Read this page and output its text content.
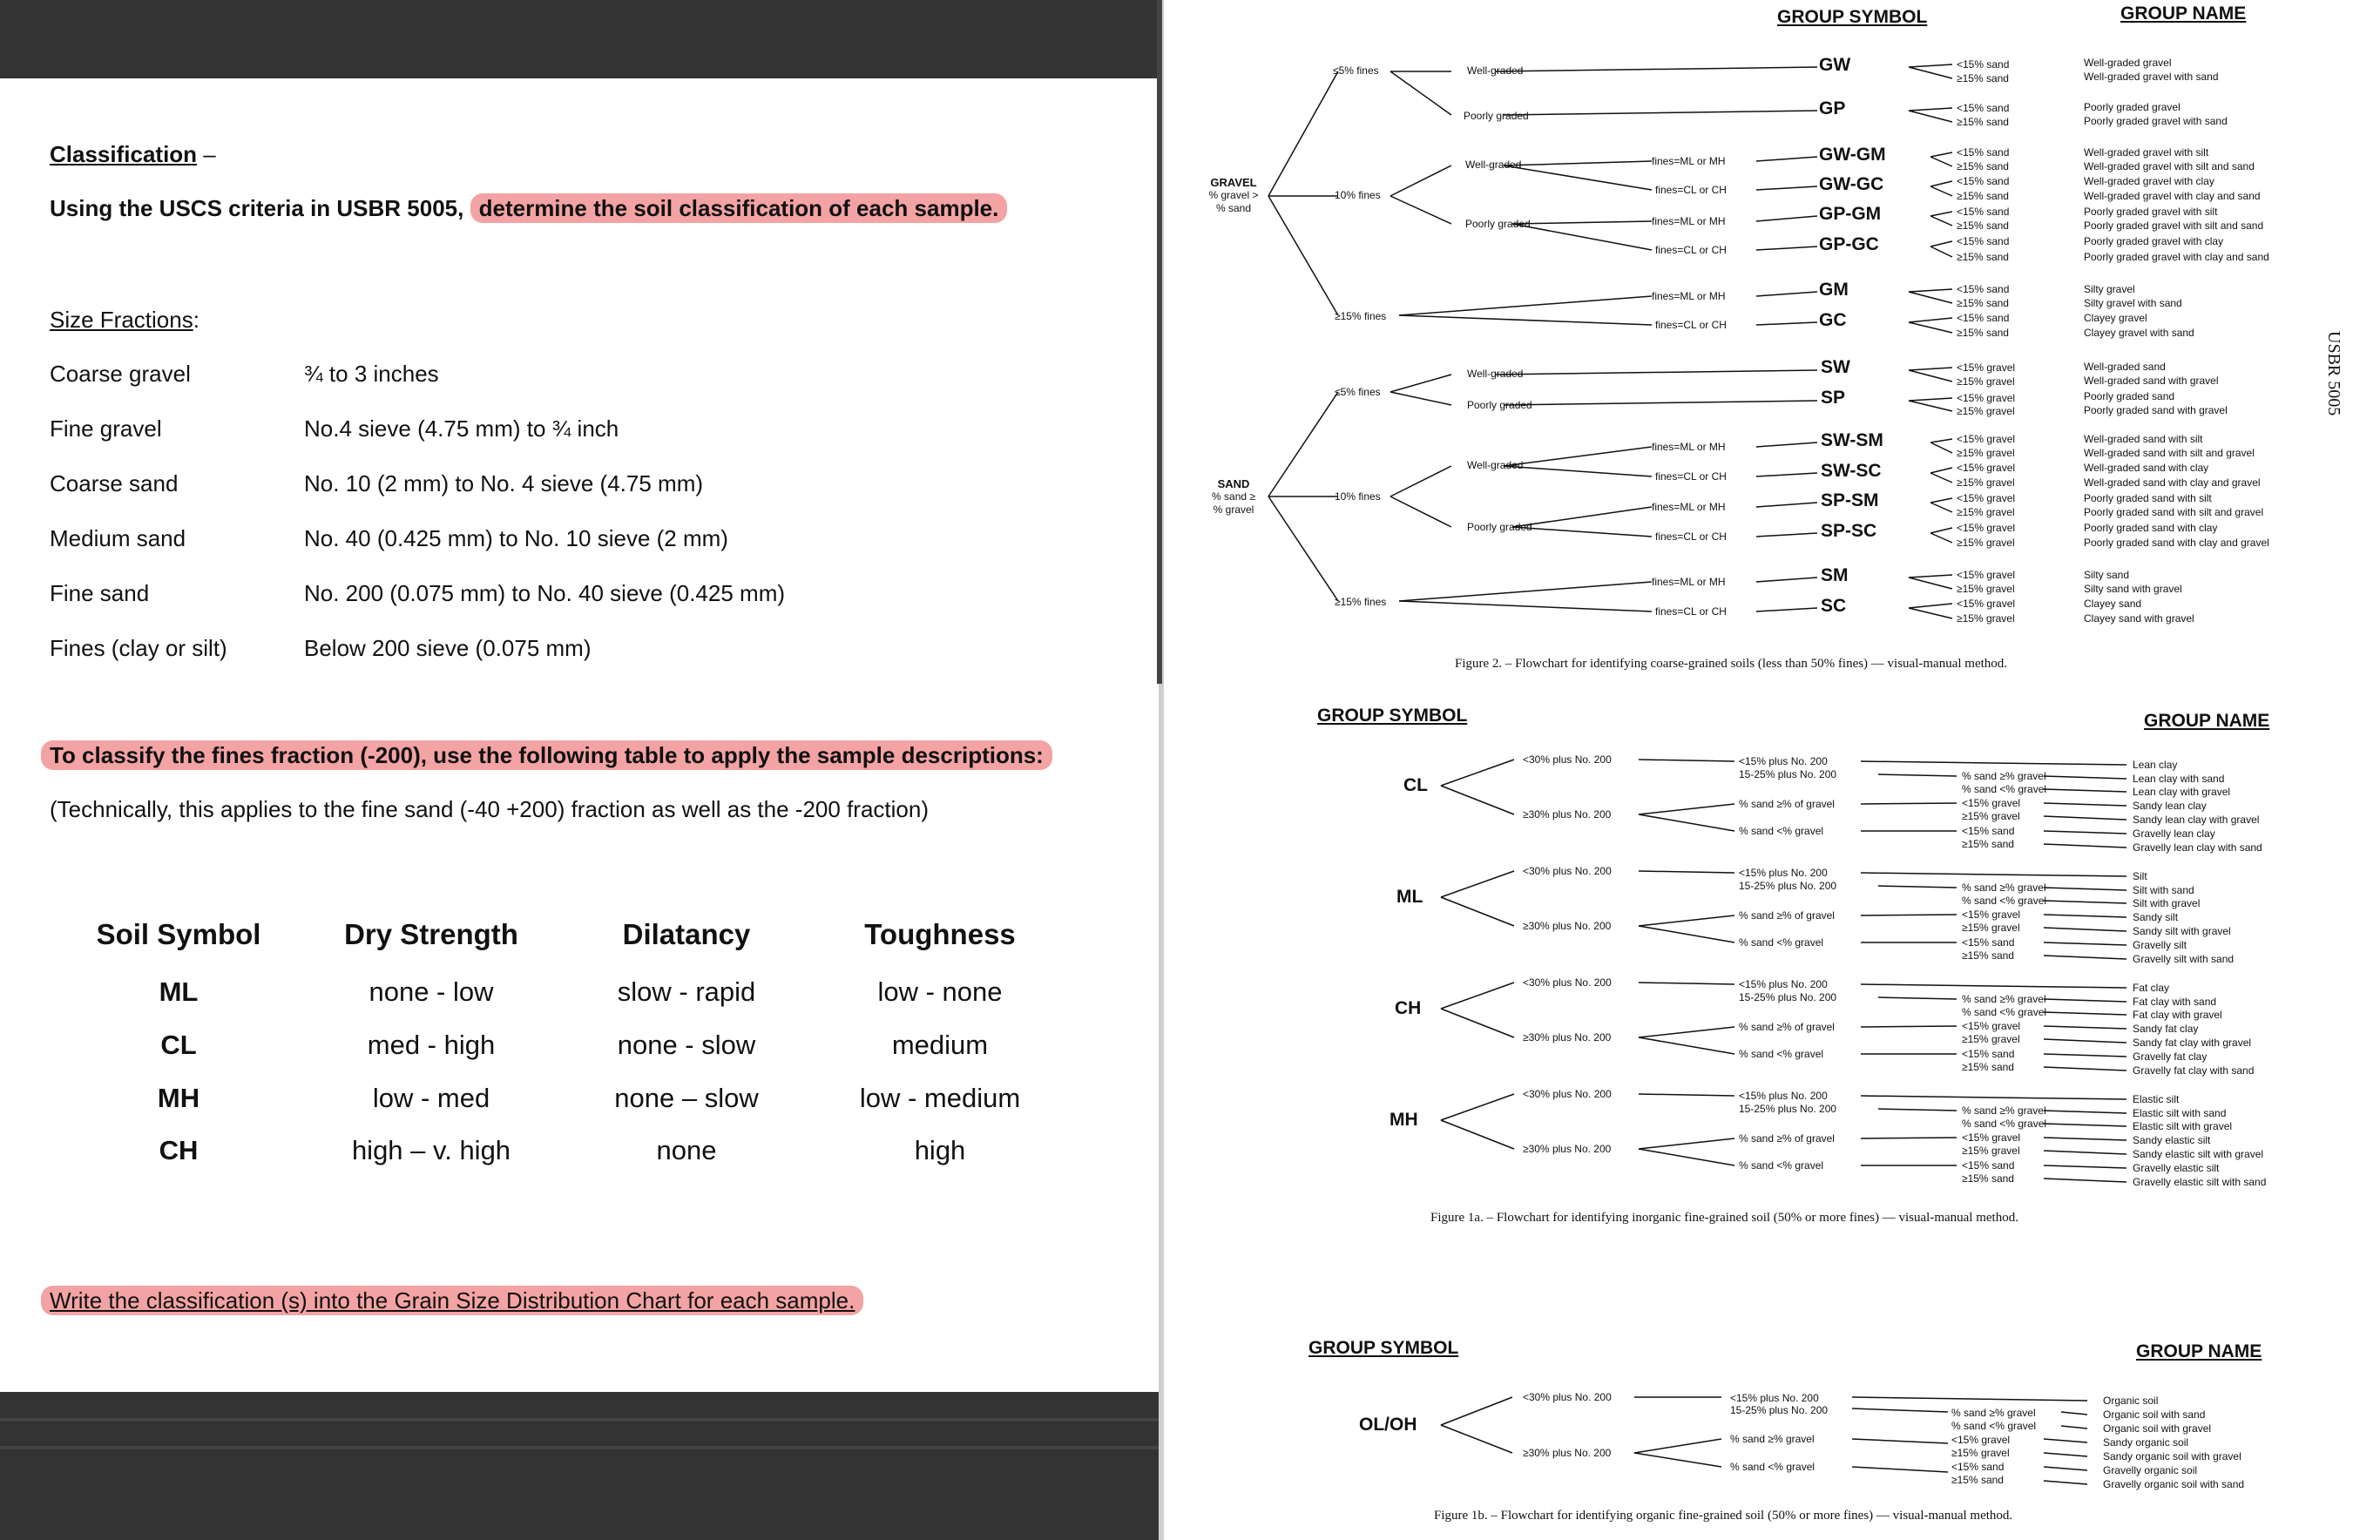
Classification –
Using the USCS criteria in USBR 5005, determine the soil classification of each sample.
Size Fractions:
Coarse gravel	¾ to 3 inches
Fine gravel	No.4 sieve (4.75 mm) to ¾ inch
Coarse sand	No. 10 (2 mm) to No. 4 sieve (4.75 mm)
Medium sand	No. 40 (0.425 mm) to No. 10 sieve (2 mm)
Fine sand	No. 200 (0.075 mm) to No. 40 sieve (0.425 mm)
Fines (clay or silt)	Below 200 sieve (0.075 mm)
To classify the fines fraction (-200), use the following table to apply the sample descriptions:
(Technically, this applies to the fine sand (-40 +200) fraction as well as the -200 fraction)
Soil Symbol	Dry Strength	Dilatancy	Toughness
ML	none - low	slow - rapid	low - none
CL	med - high	none - slow	medium
MH	low - med	none – slow	low - medium
CH	high – v. high	none	high
Write the classification (s) into the Grain Size Distribution Chart for each sample.
GROUP SYMBOL	GROUP NAME
GRAVEL
% gravel >
% sand
SAND
% sand ≥
% gravel
≤5% fines
10% fines
≥15% fines
Well-graded
Poorly graded
Well-graded
Poorly graded
fines=ML or MH
fines=CL or CH
fines=ML or MH
fines=CL or CH
fines=ML or MH
fines=CL or CH
GW
GP
GW-GM
GW-GC
GP-GM
GP-GC
GM
GC
≤5% fines
10% fines
≥15% fines
Well-graded
Poorly graded
Well-graded
Poorly graded
fines=ML or MH
fines=CL or CH
fines=ML or MH
fines=CL or CH
fines=ML or MH
fines=CL or CH
SW
SP
SW-SM
SW-SC
SP-SM
SP-SC
SM
SC
<15% sand
≥15% sand
<15% sand
≥15% sand
<15% sand
≥15% sand
<15% sand
≥15% sand
<15% sand
≥15% sand
<15% sand
≥15% sand
<15% sand
≥15% sand
<15% sand
≥15% sand
<15% gravel
≥15% gravel
<15% gravel
≥15% gravel
<15% gravel
≥15% gravel
<15% gravel
≥15% gravel
<15% gravel
≥15% gravel
<15% gravel
≥15% gravel
<15% gravel
≥15% gravel
<15% gravel
≥15% gravel
Well-graded gravel
Well-graded gravel with sand
Poorly graded gravel
Poorly graded gravel with sand
Well-graded gravel with silt
Well-graded gravel with silt and sand
Well-graded gravel with clay
Well-graded gravel with clay and sand
Poorly graded gravel with silt
Poorly graded gravel with silt and sand
Poorly graded gravel with clay
Poorly graded gravel with clay and sand
Silty gravel
Silty gravel with sand
Clayey gravel
Clayey gravel with sand
Well-graded sand
Well-graded sand with gravel
Poorly graded sand
Poorly graded sand with gravel
Well-graded sand with silt
Well-graded sand with silt and gravel
Well-graded sand with clay
Well-graded sand with clay and gravel
Poorly graded sand with silt
Poorly graded sand with silt and gravel
Poorly graded sand with clay
Poorly graded sand with clay and gravel
Silty sand
Silty sand with gravel
Clayey sand
Clayey sand with gravel
Figure 2. – Flowchart for identifying coarse-grained soils (less than 50% fines) — visual-manual method.
USBR 5005
GROUP SYMBOL	GROUP NAME
CL
<30% plus No. 200
≥30% plus No. 200
<15% plus No. 200
15-25% plus No. 200
% sand ≥% of gravel
% sand <% gravel
% sand ≥% gravel
% sand <% gravel
<15% gravel
≥15% gravel
<15% sand
≥15% sand
Lean clay
Lean clay with sand
Lean clay with gravel
Sandy lean clay
Sandy lean clay with gravel
Gravelly lean clay
Gravelly lean clay with sand
ML
<30% plus No. 200
≥30% plus No. 200
<15% plus No. 200
15-25% plus No. 200
% sand ≥% of gravel
% sand <% gravel
% sand ≥% gravel
% sand <% gravel
<15% gravel
≥15% gravel
<15% sand
≥15% sand
Silt
Silt with sand
Silt with gravel
Sandy silt
Sandy silt with gravel
Gravelly silt
Gravelly silt with sand
CH
<30% plus No. 200
≥30% plus No. 200
<15% plus No. 200
15-25% plus No. 200
% sand ≥% of gravel
% sand <% gravel
% sand ≥% gravel
% sand <% gravel
<15% gravel
≥15% gravel
<15% sand
≥15% sand
Fat clay
Fat clay with sand
Fat clay with gravel
Sandy fat clay
Sandy fat clay with gravel
Gravelly fat clay
Gravelly fat clay with sand
MH
<30% plus No. 200
≥30% plus No. 200
<15% plus No. 200
15-25% plus No. 200
% sand ≥% of gravel
% sand <% gravel
% sand ≥% gravel
% sand <% gravel
<15% gravel
≥15% gravel
<15% sand
≥15% sand
Elastic silt
Elastic silt with sand
Elastic silt with gravel
Sandy elastic silt
Sandy elastic silt with gravel
Gravelly elastic silt
Gravelly elastic silt with sand
Figure 1a. – Flowchart for identifying inorganic fine-grained soil (50% or more fines) — visual-manual method.
GROUP SYMBOL	GROUP NAME
OL/OH
<30% plus No. 200
≥30% plus No. 200
<15% plus No. 200
15-25% plus No. 200
% sand ≥% gravel
% sand <% gravel
% sand ≥% gravel
% sand <% gravel
<15% gravel
≥15% gravel
<15% sand
≥15% sand
Organic soil
Organic soil with sand
Organic soil with gravel
Sandy organic soil
Sandy organic soil with gravel
Gravelly organic soil
Gravelly organic soil with sand
Figure 1b. – Flowchart for identifying organic fine-grained soil (50% or more fines) — visual-manual method.
